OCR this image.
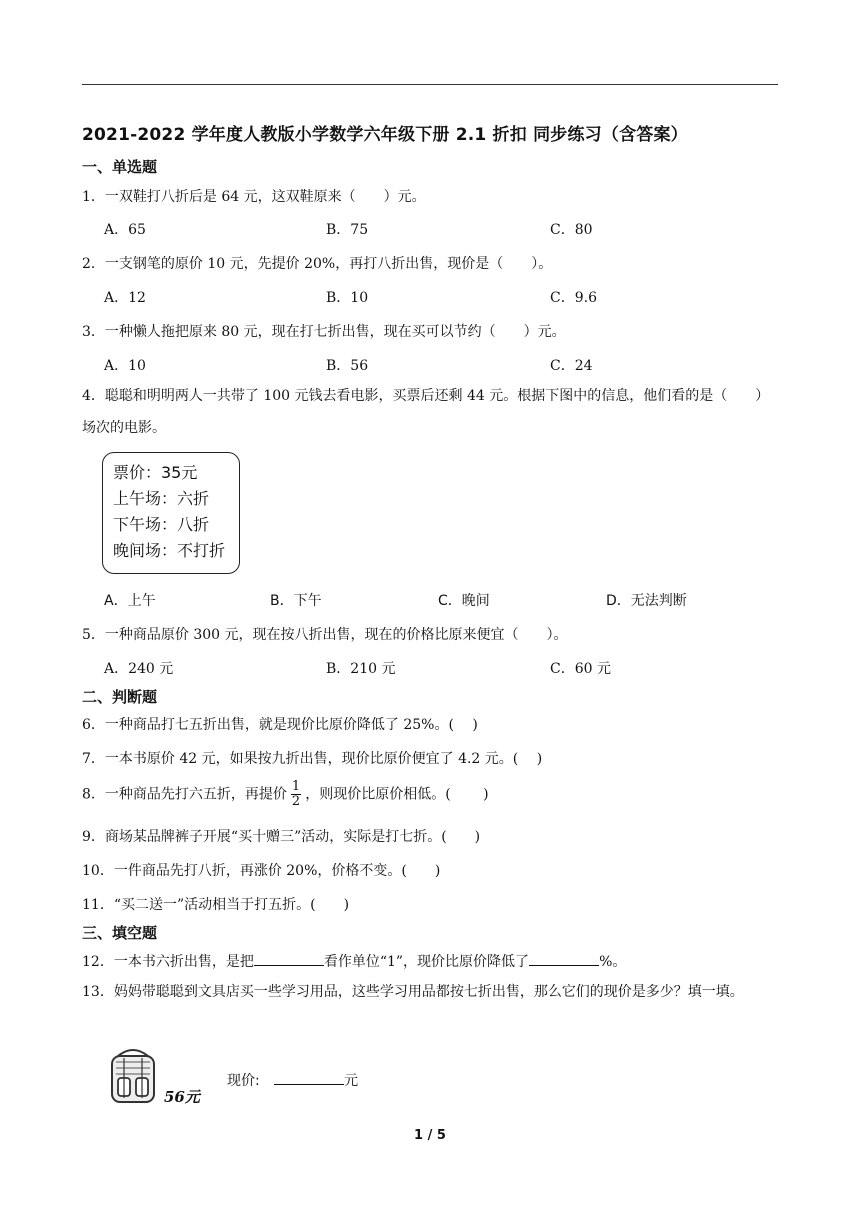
2021-2022 学年度人教版小学数学六年级下册 2.1 折扣 同步练习（含答案）
一、单选题
1．一双鞋打八折后是 64 元，这双鞋原来（　　）元。
A．65	B．75	C．80
2．一支钢笔的原价 10 元，先提价 20%，再打八折出售，现价是（　　）。
A．12	B．10	C．9.6
3．一种懒人拖把原来 80 元，现在打七折出售，现在买可以节约（　　）元。
A．10	B．56	C．24
4．聪聪和明明两人一共带了 100 元钱去看电影，买票后还剩 44 元。根据下图中的信息，他们看的是（　　）场次的电影。
票价：35元
上午场：六折
下午场：八折
晚间场：不打折
A．上午	B．下午	C．晚间	D．无法判断
5．一种商品原价 300 元，现在按八折出售，现在的价格比原来便宜（　　）。
A．240 元	B．210 元	C．60 元
二、判断题
6．一种商品打七五折出售，就是现价比原价降低了 25%。(　 )
7．一本书原价 42 元，如果按九折出售，现价比原价便宜了 4.2 元。(　 )
8．一种商品先打六五折，再提价 $\frac{1}{2}$ ，则现价比原价相低。(　 　)
9．商场某品牌裤子开展“买十赠三”活动，实际是打七折。(　　)
10．一件商品先打八折，再涨价 20%，价格不变。(　　)
11．“买二送一”活动相当于打五折。(　　)
三、填空题
12．一本书六折出售，是把	看作单位“1”，现价比原价降低了	%。
13．妈妈带聪聪到文具店买一些学习用品，这些学习用品都按七折出售，那么它们的现价是多少？填一填。
56元
现价:	元
1 / 5
